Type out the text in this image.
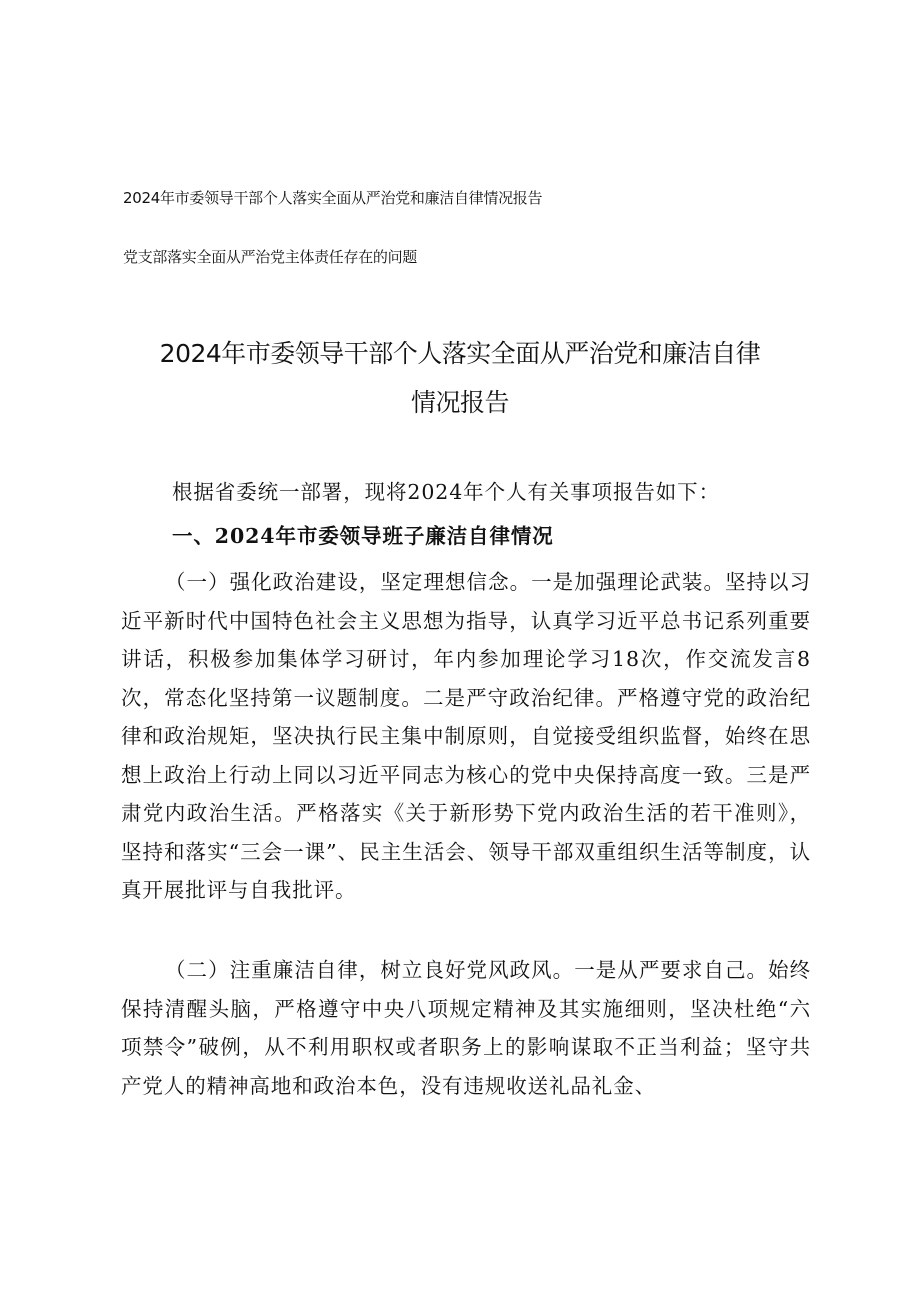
2024年市委领导干部个人落实全面从严治党和廉洁自律情况报告
党支部落实全面从严治党主体责任存在的问题
2024年市委领导干部个人落实全面从严治党和廉洁自律
情况报告
根据省委统一部署，现将2024年个人有关事项报告如下：
一、2024年市委领导班子廉洁自律情况
（一）强化政治建设，坚定理想信念。一是加强理论武装。坚持以习近平新时代中国特色社会主义思想为指导，认真学习近平总书记系列重要讲话，积极参加集体学习研讨，年内参加理论学习18次，作交流发言8次，常态化坚持第一议题制度。二是严守政治纪律。严格遵守党的政治纪律和政治规矩，坚决执行民主集中制原则，自觉接受组织监督，始终在思想上政治上行动上同以习近平同志为核心的党中央保持高度一致。三是严肃党内政治生活。严格落实《关于新形势下党内政治生活的若干准则》，坚持和落实“三会一课”、民主生活会、领导干部双重组织生活等制度，认真开展批评与自我批评。
（二）注重廉洁自律，树立良好党风政风。一是从严要求自己。始终保持清醒头脑，严格遵守中央八项规定精神及其实施细则，坚决杜绝“六项禁令”破例，从不利用职权或者职务上的影响谋取不正当利益；坚守共产党人的精神高地和政治本色，没有违规收送礼品礼金、
